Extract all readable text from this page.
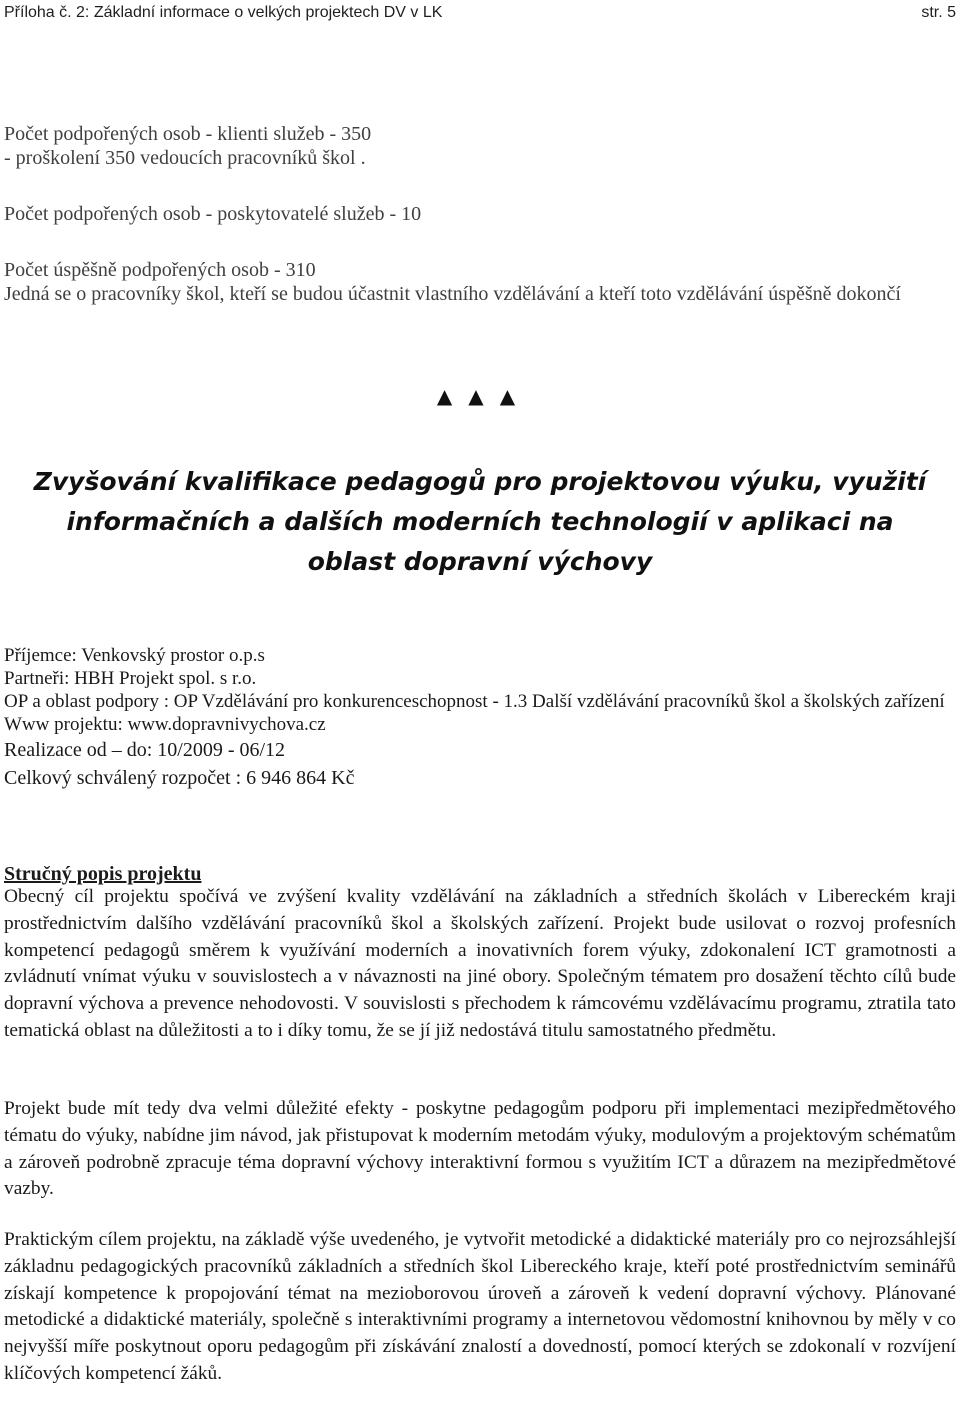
Příloha č. 2: Základní informace o velkých projektech DV v LK	str. 5

Počet podpořených osob - klienti služeb - 350

- proškolení 350 vedoucích pracovníků škol .

Počet podpořených osob - poskytovatelé služeb - 10

Počet úspěšně podpořených osob - 310

Jedná se o pracovníky škol, kteří se budou účastnit vlastního vzdělávání a kteří toto vzdělávání úspěšně dokončí

▲ ▲ ▲
Zvyšování kvalifikace pedagogů pro projektovou výuku, využití informačních a dalších moderních technologií v aplikaci na oblast dopravní výchovy
Příjemce: Venkovský prostor o.p.s
Partneři: HBH Projekt spol. s r.o.
OP a oblast podpory : OP Vzdělávání pro konkurenceschopnost - 1.3 Další vzdělávání pracovníků škol a školských zařízení
Www projektu: www.dopravnivychova.cz
Realizace od – do: 10/2009 - 06/12
Celkový schválený rozpočet : 6 946 864 Kč
Stručný popis projektu

Obecný cíl projektu spočívá ve zvýšení kvality vzdělávání na základních a středních školách v Libereckém kraji prostřednictvím dalšího vzdělávání pracovníků škol a školských zařízení. Projekt bude usilovat o rozvoj profesních kompetencí pedagogů směrem k využívání moderních a inovativních forem výuky, zdokonalení ICT gramotnosti a zvládnutí vnímat výuku v souvislostech a v návaznosti na jiné obory. Společným tématem pro dosažení těchto cílů bude dopravní výchova a prevence nehodovosti. V souvislosti s přechodem k rámcovému vzdělávacímu programu, ztratila tato tematická oblast na důležitosti a to i díky tomu, že se jí již nedostává titulu samostatného předmětu.

Projekt bude mít tedy dva velmi důležité efekty - poskytne pedagogům podporu při implementaci mezipředmětového tématu do výuky, nabídne jim návod, jak přistupovat k moderním metodám výuky, modulovým a projektovým schématům a zároveň podrobně zpracuje téma dopravní výchovy interaktivní formou s využitím ICT a důrazem na mezipředmětové vazby.

Praktickým cílem projektu, na základě výše uvedeného, je vytvořit metodické a didaktické materiály pro co nejrozsáhlejší základnu pedagogických pracovníků základních a středních škol Libereckého kraje, kteří poté prostřednictvím seminářů získají kompetence k propojování témat na mezioborovou úroveň a zároveň k vedení dopravní výchovy. Plánované metodické a didaktické materiály, společně s interaktivními programy a internetovou vědomostní knihovnou by měly v co nejvyšší míře poskytnout oporu pedagogům při získávání znalostí a dovedností, pomocí kterých se zdokonalí v rozvíjení klíčových kompetencí žáků.
